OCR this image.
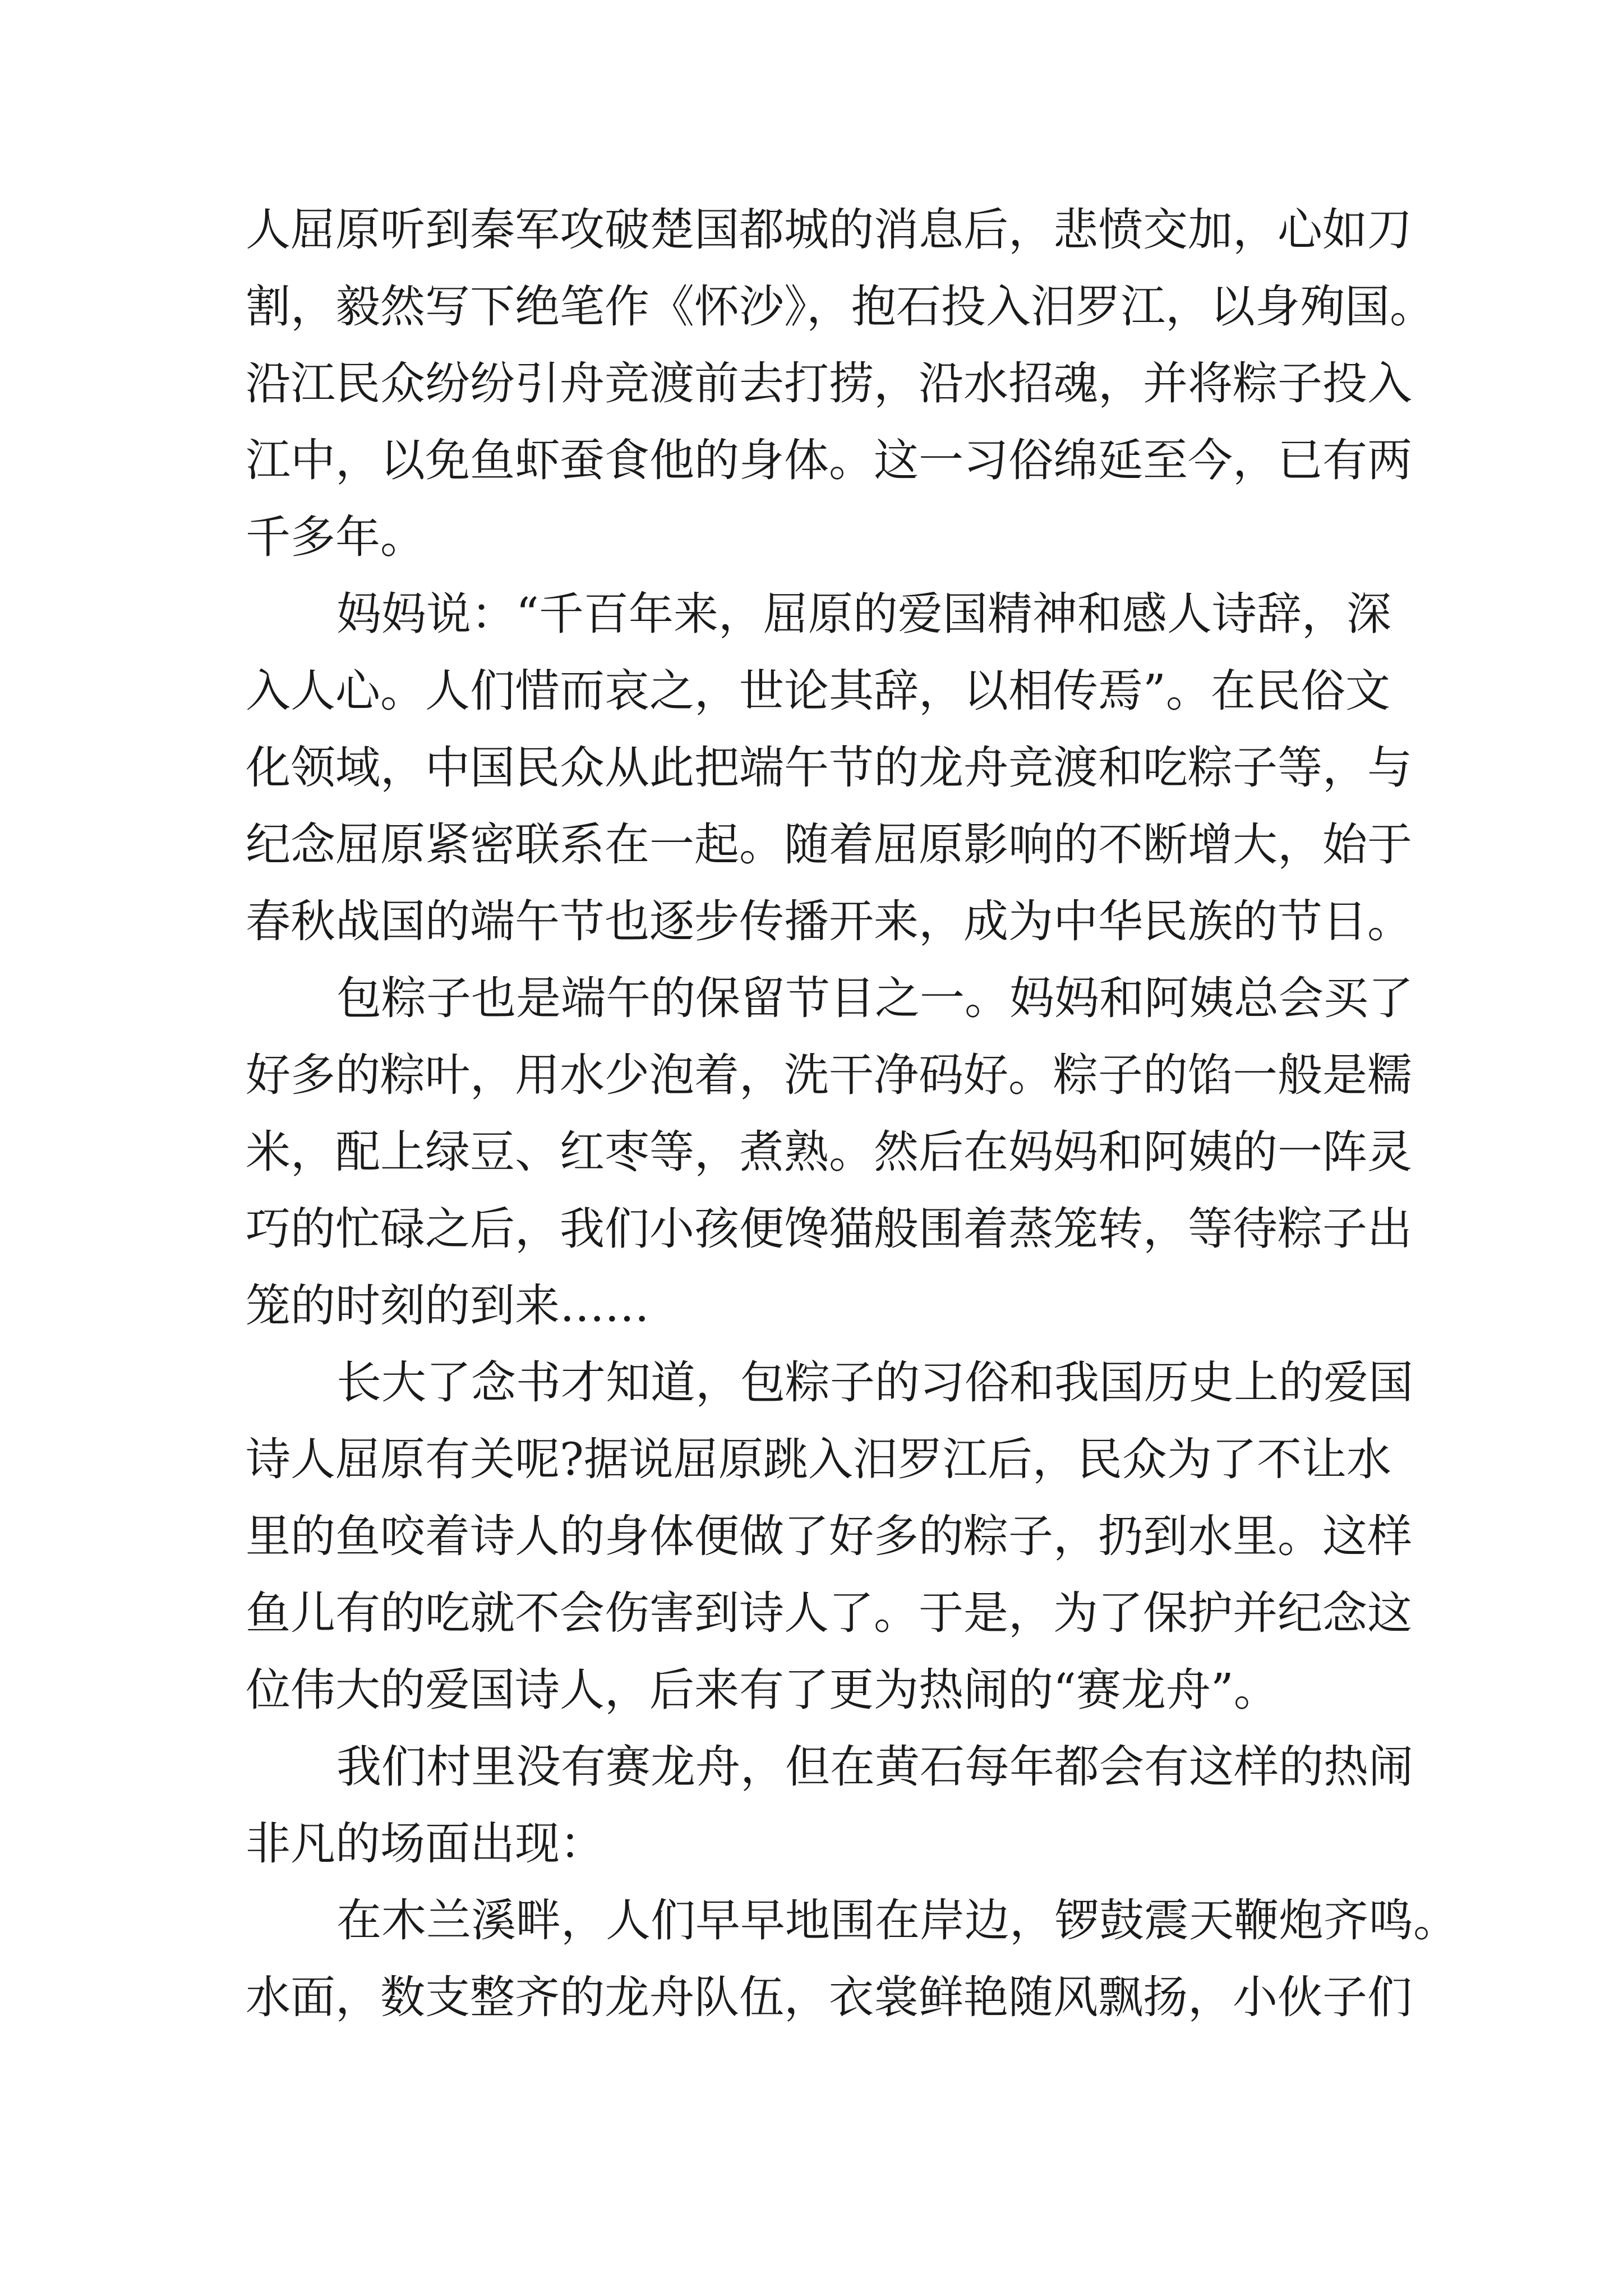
人屈原听到秦军攻破楚国都城的消息后，悲愤交加，心如刀
割，毅然写下绝笔作《怀沙》，抱石投入汨罗江，以身殉国。
沿江民众纷纷引舟竞渡前去打捞，沿水招魂，并将粽子投入
江中，以免鱼虾蚕食他的身体。这一习俗绵延至今，已有两
千多年。
妈妈说：“千百年来，屈原的爱国精神和感人诗辞，深
入人心。人们惜而哀之，世论其辞，以相传焉”。在民俗文
化领域，中国民众从此把端午节的龙舟竞渡和吃粽子等，与
纪念屈原紧密联系在一起。随着屈原影响的不断增大，始于
春秋战国的端午节也逐步传播开来，成为中华民族的节日。
包粽子也是端午的保留节目之一。妈妈和阿姨总会买了
好多的粽叶，用水少泡着，洗干净码好。粽子的馅一般是糯
米，配上绿豆、红枣等，煮熟。然后在妈妈和阿姨的一阵灵
巧的忙碌之后，我们小孩便馋猫般围着蒸笼转，等待粽子出
笼的时刻的到来……
长大了念书才知道，包粽子的习俗和我国历史上的爱国
诗人屈原有关呢?据说屈原跳入汨罗江后，民众为了不让水
里的鱼咬着诗人的身体便做了好多的粽子，扔到水里。这样
鱼儿有的吃就不会伤害到诗人了。于是，为了保护并纪念这
位伟大的爱国诗人，后来有了更为热闹的“赛龙舟”。
我们村里没有赛龙舟，但在黄石每年都会有这样的热闹
非凡的场面出现：
在木兰溪畔，人们早早地围在岸边，锣鼓震天鞭炮齐鸣。
水面，数支整齐的龙舟队伍，衣裳鲜艳随风飘扬，小伙子们
